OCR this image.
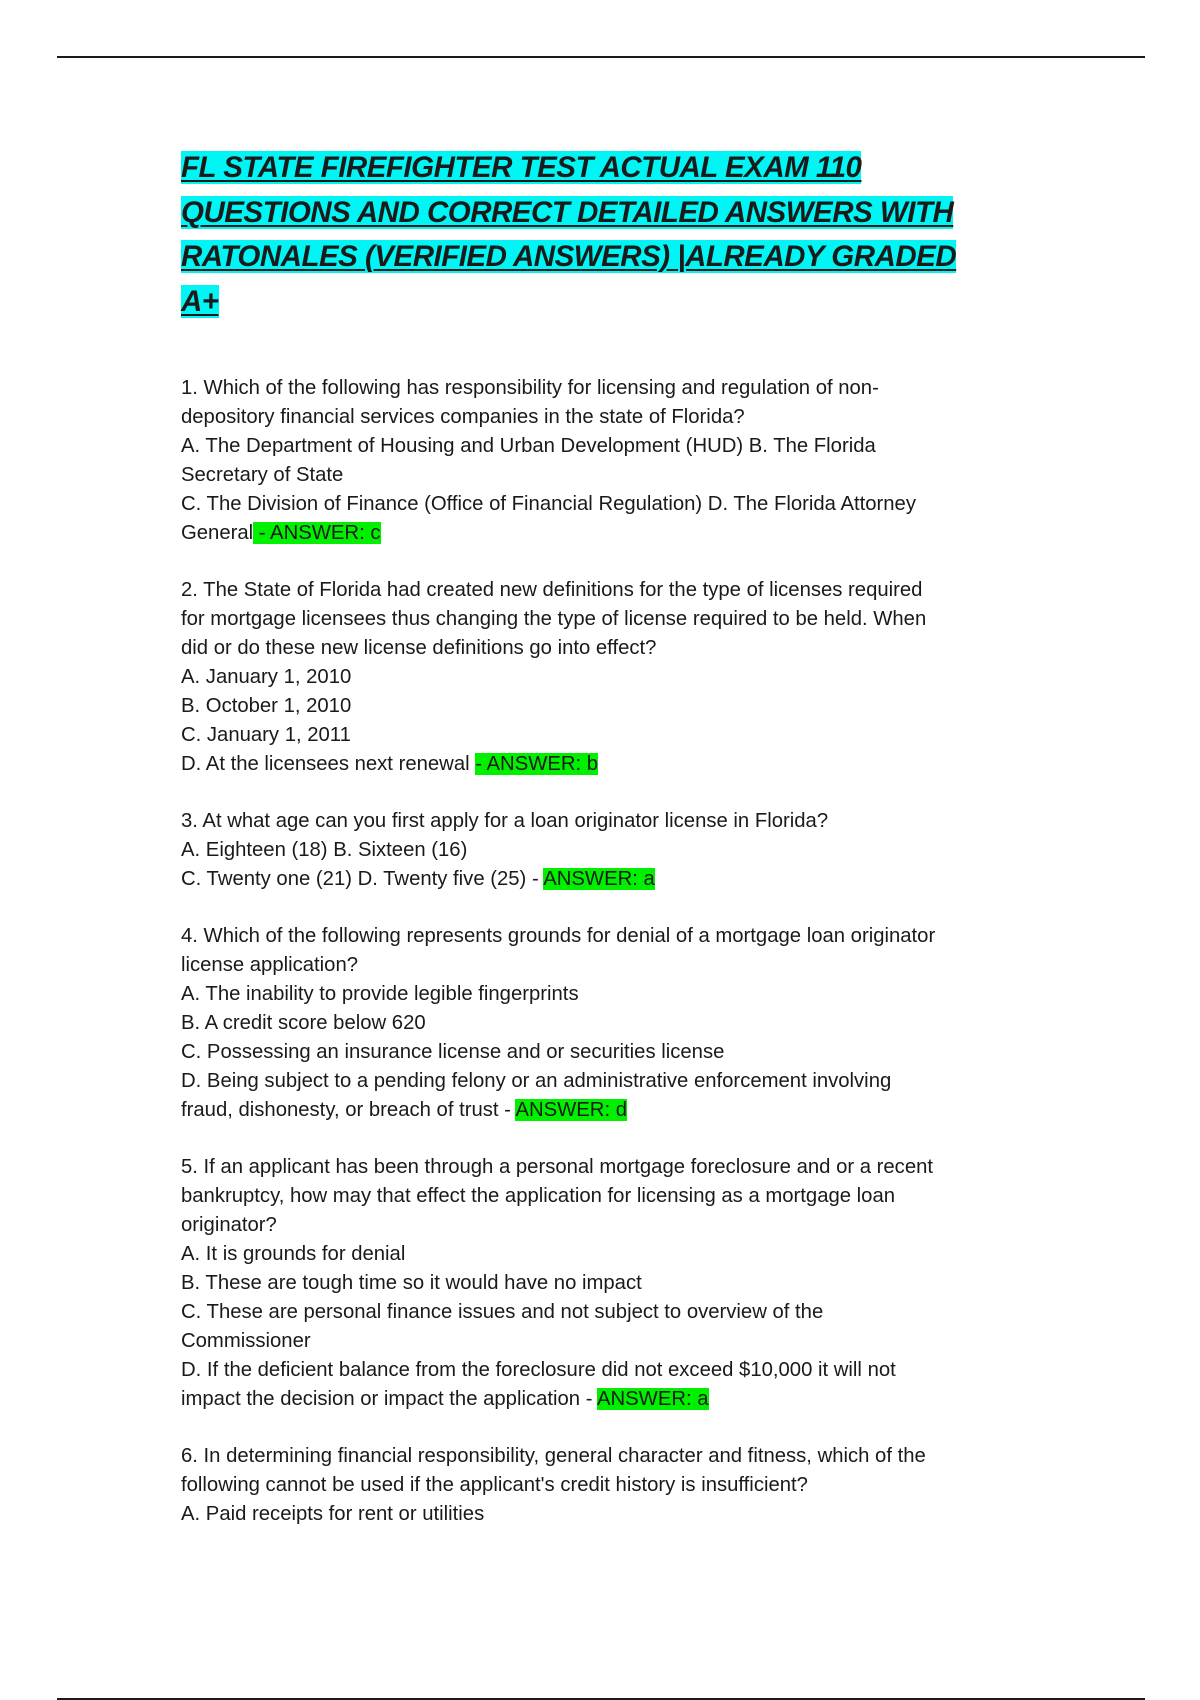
FL STATE FIREFIGHTER TEST ACTUAL EXAM 110
QUESTIONS AND CORRECT DETAILED ANSWERS WITH
RATONALES (VERIFIED ANSWERS) |ALREADY GRADED
A+
1. Which of the following has responsibility for licensing and regulation of non-
depository financial services companies in the state of Florida?
A. The Department of Housing and Urban Development (HUD) B. The Florida
Secretary of State
C. The Division of Finance (Office of Financial Regulation) D. The Florida Attorney
General - ANSWER: c
2. The State of Florida had created new definitions for the type of licenses required
for mortgage licensees thus changing the type of license required to be held. When
did or do these new license definitions go into effect?
A. January 1, 2010
B. October 1, 2010
C. January 1, 2011
D. At the licensees next renewal - ANSWER: b
3. At what age can you first apply for a loan originator license in Florida?
A. Eighteen (18) B. Sixteen (16)
C. Twenty one (21) D. Twenty five (25) - ANSWER: a
4. Which of the following represents grounds for denial of a mortgage loan originator
license application?
A. The inability to provide legible fingerprints
B. A credit score below 620
C. Possessing an insurance license and or securities license
D. Being subject to a pending felony or an administrative enforcement involving
fraud, dishonesty, or breach of trust - ANSWER: d
5. If an applicant has been through a personal mortgage foreclosure and or a recent
bankruptcy, how may that effect the application for licensing as a mortgage loan
originator?
A. It is grounds for denial
B. These are tough time so it would have no impact
C. These are personal finance issues and not subject to overview of the
Commissioner
D. If the deficient balance from the foreclosure did not exceed $10,000 it will not
impact the decision or impact the application - ANSWER: a
6. In determining financial responsibility, general character and fitness, which of the
following cannot be used if the applicant's credit history is insufficient?
A. Paid receipts for rent or utilities
